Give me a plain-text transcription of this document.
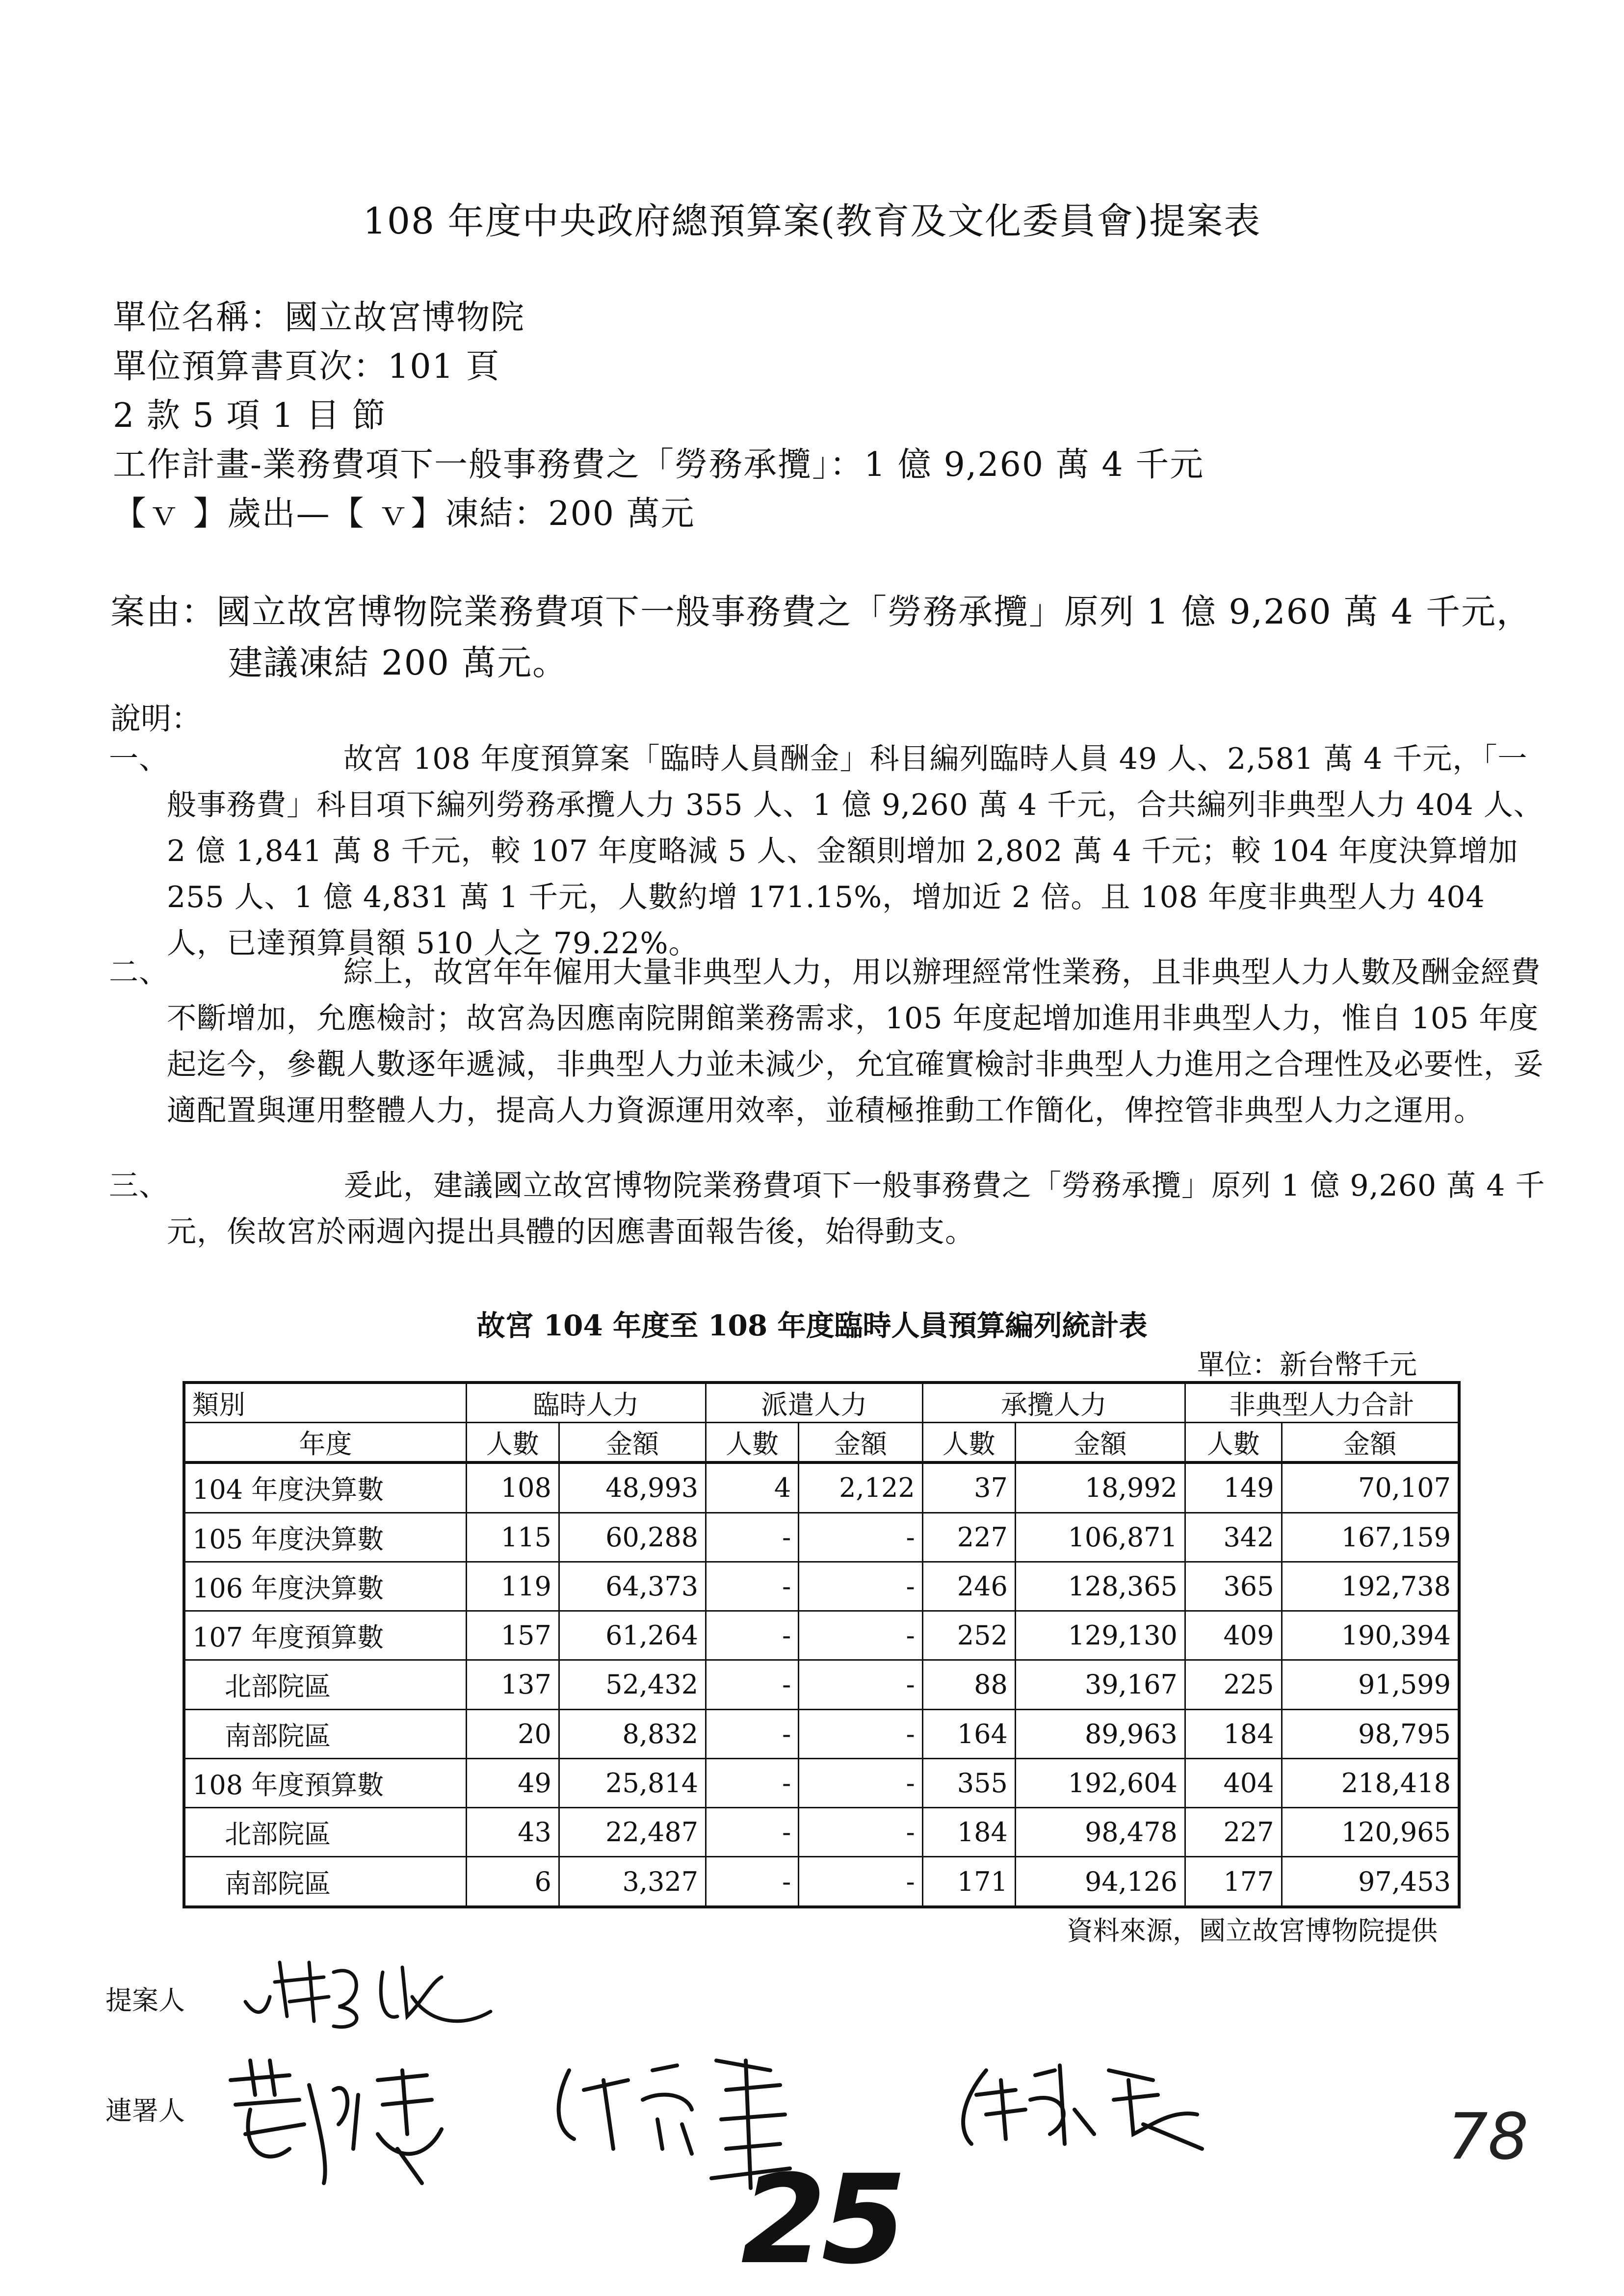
108 年度中央政府總預算案(教育及文化委員會)提案表
單位名稱：國立故宮博物院
單位預算書頁次：101 頁
2 款 5 項 1 目 節
工作計畫-業務費項下一般事務費之「勞務承攬」：1 億 9,260 萬 4 千元
【ｖ 】歲出—【 ｖ】凍結：200 萬元
案由：國立故宮博物院業務費項下一般事務費之「勞務承攬」原列 1 億 9,260 萬 4 千元，建議凍結 200 萬元。
說明：
一、	故宮 108 年度預算案「臨時人員酬金」科目編列臨時人員 49 人、2,581 萬 4 千元，「一般事務費」科目項下編列勞務承攬人力 355 人、1 億 9,260 萬 4 千元，合共編列非典型人力 404 人、2 億 1,841 萬 8 千元，較 107 年度略減 5 人、金額則增加 2,802 萬 4 千元；較 104 年度決算增加 255 人、1 億 4,831 萬 1 千元，人數約增 171.15%，增加近 2 倍。且 108 年度非典型人力 404 人，已達預算員額 510 人之 79.22%。
二、	綜上，故宮年年僱用大量非典型人力，用以辦理經常性業務，且非典型人力人數及酬金經費不斷增加，允應檢討；故宮為因應南院開館業務需求，105 年度起增加進用非典型人力，惟自 105 年度起迄今，參觀人數逐年遞減，非典型人力並未減少，允宜確實檢討非典型人力進用之合理性及必要性，妥適配置與運用整體人力，提高人力資源運用效率，並積極推動工作簡化，俾控管非典型人力之運用。
三、	爰此，建議國立故宮博物院業務費項下一般事務費之「勞務承攬」原列 1 億 9,260 萬 4 千元，俟故宮於兩週內提出具體的因應書面報告後，始得動支。
故宮 104 年度至 108 年度臨時人員預算編列統計表
單位：新台幣千元
類別	臨時人力		派遣人力		承攬人力		非典型人力合計	
年度	人數	金額	人數	金額	人數	金額	人數	金額
104 年度決算數	108	48,993	4	2,122	37	18,992	149	70,107
105 年度決算數	115	60,288	-	-	227	106,871	342	167,159
106 年度決算數	119	64,373	-	-	246	128,365	365	192,738
107 年度預算數	157	61,264	-	-	252	129,130	409	190,394
北部院區	137	52,432	-	-	88	39,167	225	91,599
南部院區	20	8,832	-	-	164	89,963	184	98,795
108 年度預算數	49	25,814	-	-	355	192,604	404	218,418
北部院區	43	22,487	-	-	184	98,478	227	120,965
南部院區	6	3,327	-	-	171	94,126	177	97,453
資料來源，國立故宮博物院提供
提案人
連署人
25
78
